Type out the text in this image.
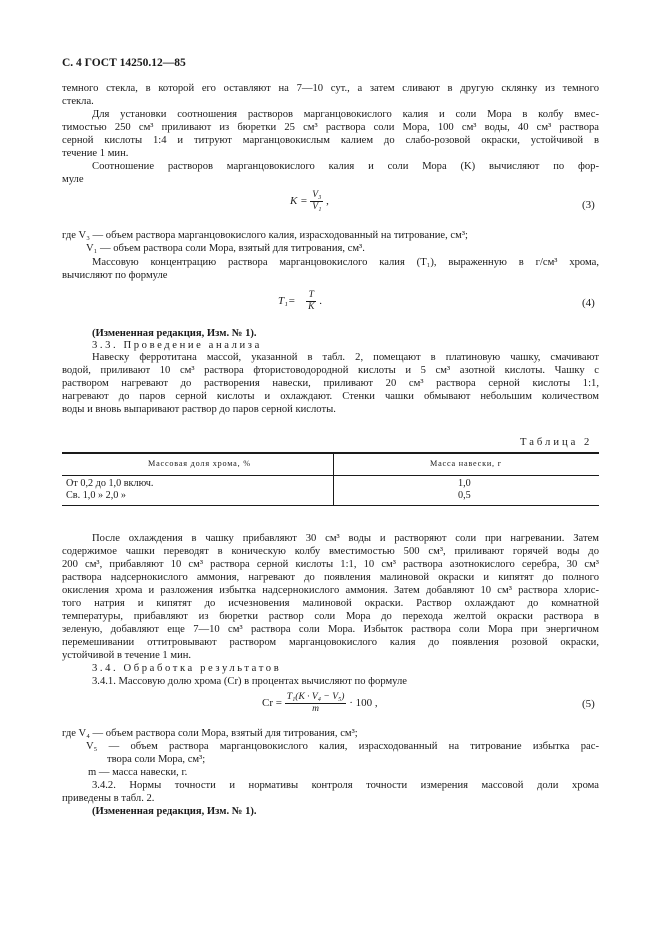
С. 4 ГОСТ 14250.12—85
темного стекла, в которой его оставляют на 7—10 сут., а затем сливают в другую склянку из темного
стекла.
Для установки соотношения растворов марганцовокислого калия и соли Мора в колбу вмес-
тимостью 250 см³ приливают из бюретки 25 см³ раствора соли Мора, 100 см³ воды, 40 см³ раствора
серной кислоты 1:4 и титруют марганцовокислым калием до слабо-розовой окраски, устойчивой в
течение 1 мин.
Соотношение растворов марганцовокислого калия и соли Мора (K) вычисляют по фор-
муле
$K = \frac{\text{V₃}}{\text{V₁}}$ ,	(3)
где V₃ — объем раствора марганцовокислого калия, израсходованный на титрование, см³;
V₁ — объем раствора соли Мора, взятый для титрования, см³.
Массовую концентрацию раствора марганцовокислого калия (T₁), выраженную в г/см³ хрома,
вычисляют по формуле
$T_1= \frac{T}{K}$ .	(4)
(Измененная редакция, Изм. № 1).
3.3. Проведение анализа
Навеску ферротитана массой, указанной в табл. 2, помещают в платиновую чашку, смачивают
водой, приливают 10 см³ раствора фтористоводородной кислоты и 5 см³ азотной кислоты. Чашку с
раствором нагревают до растворения навески, приливают 20 см³ раствора серной кислоты 1:1,
нагревают до паров серной кислоты и охлаждают. Стенки чашки обмывают небольшим количеством
воды и вновь выпаривают раствор до паров серной кислоты.
Таблица 2
Массовая доля хрома, %	Масса навески, г
От 0,2 до 1,0 включ.	1,0
Св. 1,0 » 2,0 »	0,5
После охлаждения в чашку прибавляют 30 см³ воды и растворяют соли при нагревании. Затем
содержимое чашки переводят в коническую колбу вместимостью 500 см³, приливают горячей воды до
200 см³, прибавляют 10 см³ раствора серной кислоты 1:1, 10 см³ раствора азотнокислого серебра, 30 см³
раствора надсернокислого аммония, нагревают до появления малиновой окраски и кипятят до полного
окисления хрома и разложения избытка надсернокислого аммония. Затем добавляют 10 см³ раствора хлорис-
того натрия и кипятят до исчезновения малиновой окраски. Раствор охлаждают до комнатной
температуры, прибавляют из бюретки раствор соли Мора до перехода желтой окраски раствора в
зеленую, добавляют еще 7—10 см³ раствора соли Мора. Избыток раствора соли Мора при энергичном
перемешивании оттитровывают раствором марганцовокислого калия до появления розовой окраски,
устойчивой в течение 1 мин.
3.4. Обработка результатов
3.4.1. Массовую долю хрома (Cr) в процентах вычисляют по формуле
$Cr = \frac{\text{T₁(K · V₄ − V₅)}}{m} \cdot 100$ ,	(5)
где V₄ — объем раствора соли Мора, взятый для титрования, см³;
V₅ — объем раствора марганцовокислого калия, израсходованный на титрование избытка рас-
твора соли Мора, см³;
m — масса навески, г.
3.4.2. Нормы точности и нормативы контроля точности измерения массовой доли хрома
приведены в табл. 2.
(Измененная редакция, Изм. № 1).
